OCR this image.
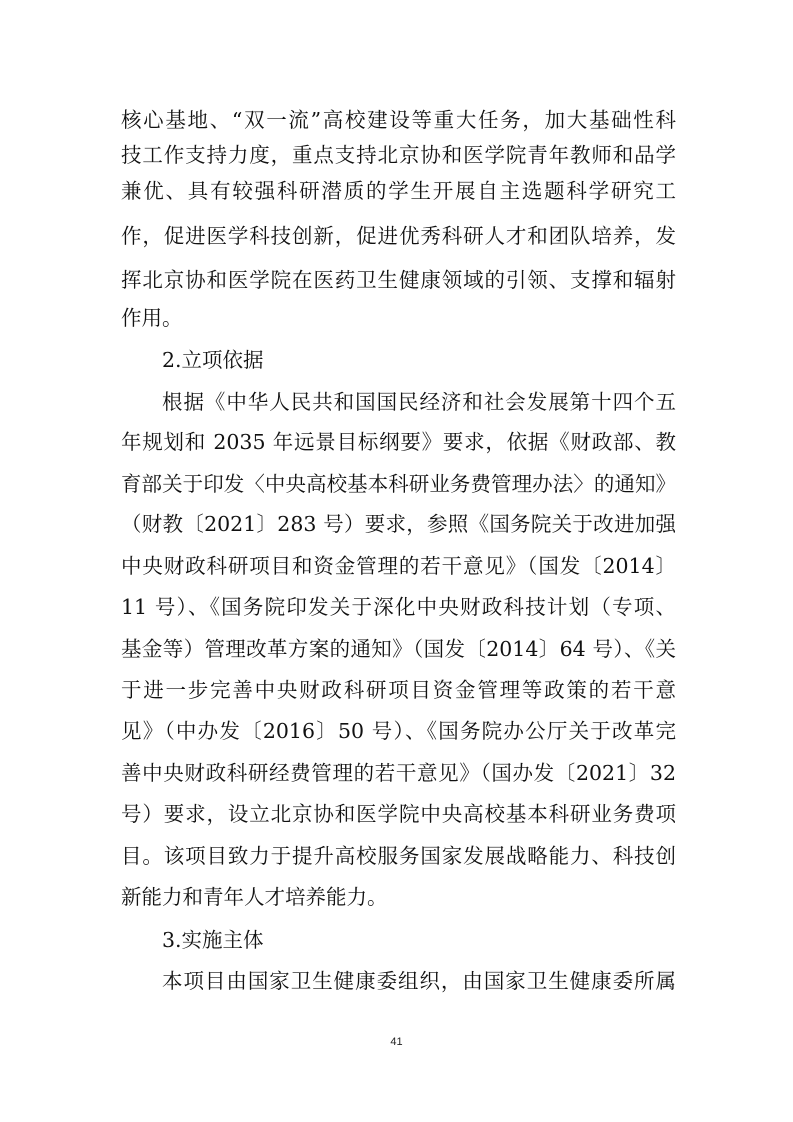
核心基地、“双一流”高校建设等重大任务，加大基础性科
技工作支持力度，重点支持北京协和医学院青年教师和品学
兼优、具有较强科研潜质的学生开展自主选题科学研究工
作，促进医学科技创新，促进优秀科研人才和团队培养，发
挥北京协和医学院在医药卫生健康领域的引领、支撑和辐射
作用。
2.立项依据
根据《中华人民共和国国民经济和社会发展第十四个五
年规划和 2035 年远景目标纲要》要求，依据《财政部、教
育部关于印发〈中央高校基本科研业务费管理办法〉的通知》
（财教〔2021〕283 号）要求，参照《国务院关于改进加强
中央财政科研项目和资金管理的若干意见》（国发〔2014〕
11 号）、《国务院印发关于深化中央财政科技计划（专项、
基金等）管理改革方案的通知》（国发〔2014〕64 号）、《关
于进一步完善中央财政科研项目资金管理等政策的若干意
见》（中办发〔2016〕50 号）、《国务院办公厅关于改革完
善中央财政科研经费管理的若干意见》（国办发〔2021〕32
号）要求，设立北京协和医学院中央高校基本科研业务费项
目。该项目致力于提升高校服务国家发展战略能力、科技创
新能力和青年人才培养能力。
3.实施主体
本项目由国家卫生健康委组织，由国家卫生健康委所属
41
